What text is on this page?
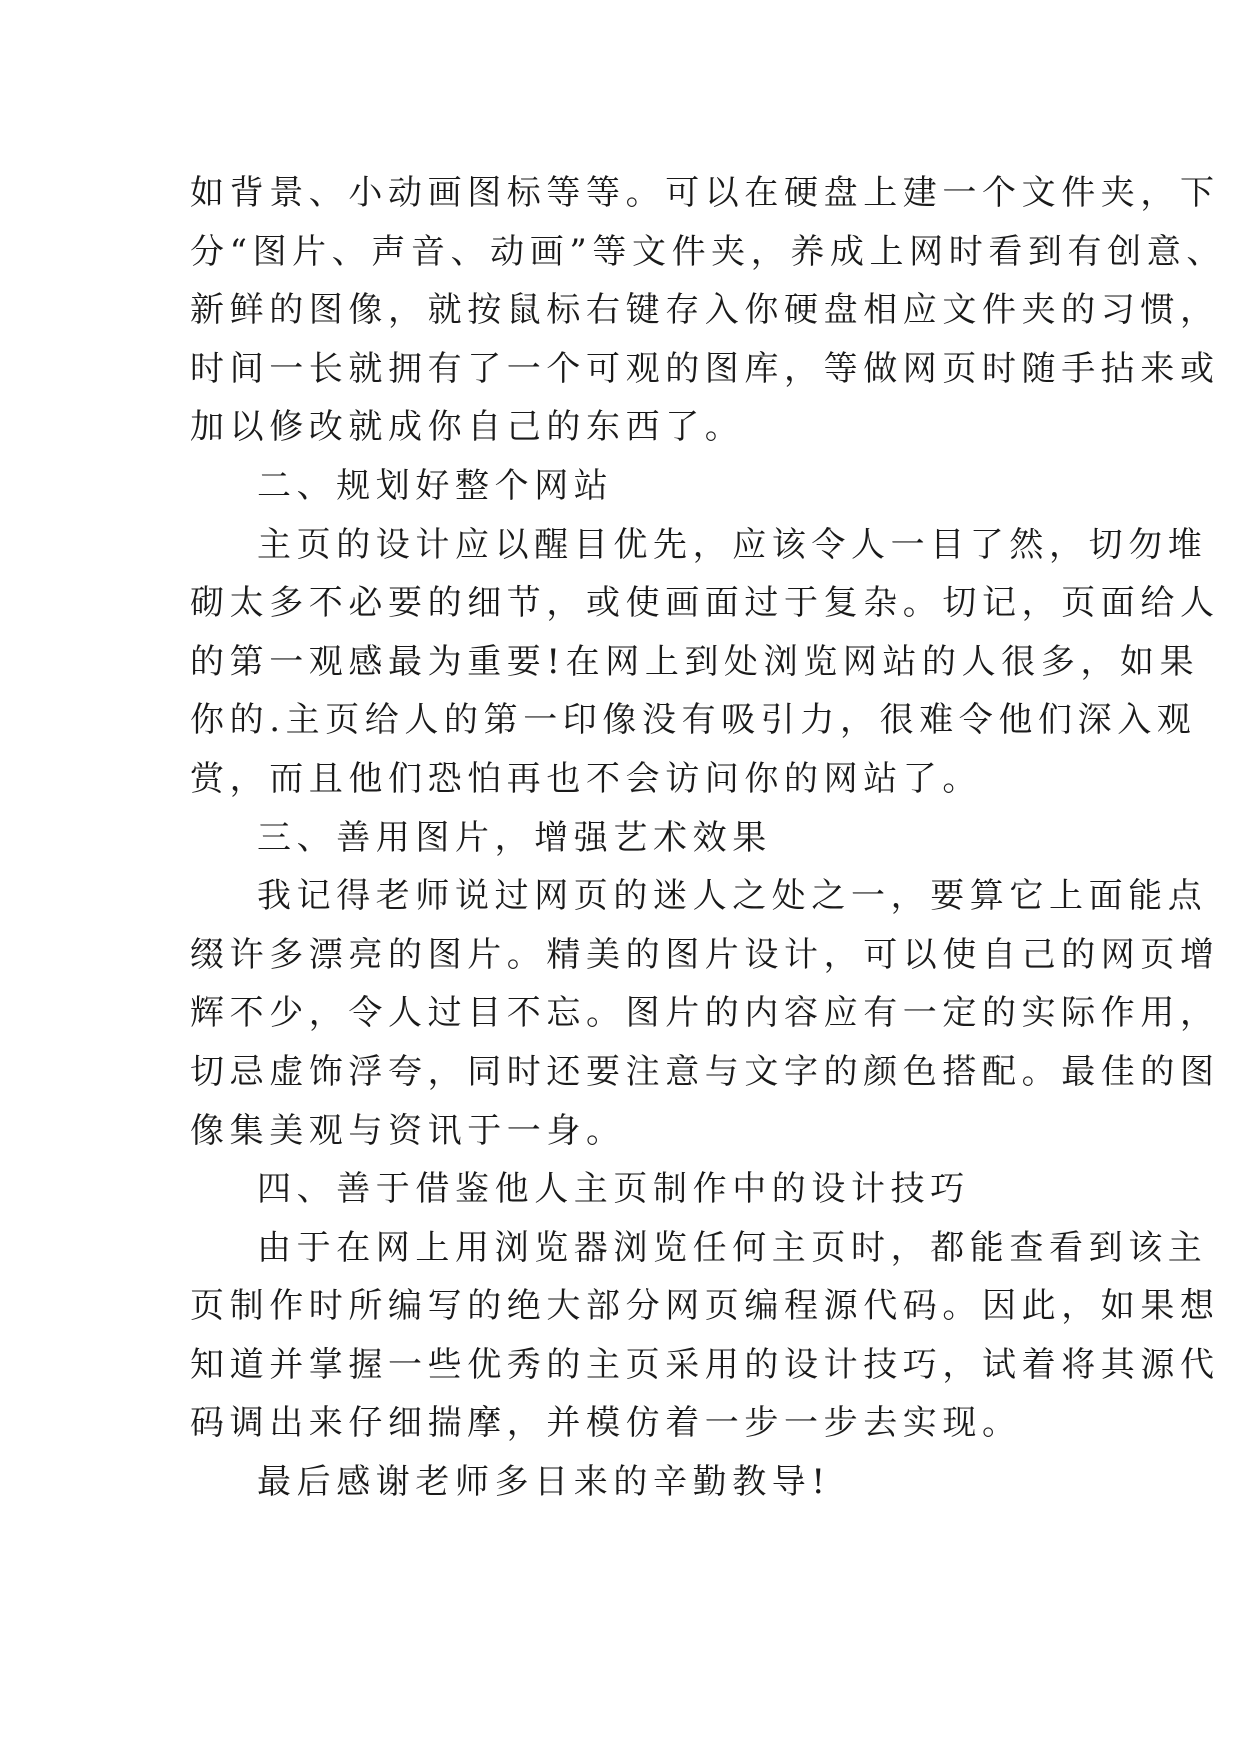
如背景、小动画图标等等。可以在硬盘上建一个文件夹，下
分“图片、声音、动画”等文件夹，养成上网时看到有创意、
新鲜的图像，就按鼠标右键存入你硬盘相应文件夹的习惯，
时间一长就拥有了一个可观的图库，等做网页时随手拈来或
加以修改就成你自己的东西了。
二、规划好整个网站
主页的设计应以醒目优先，应该令人一目了然，切勿堆
砌太多不必要的细节，或使画面过于复杂。切记，页面给人
的第一观感最为重要!在网上到处浏览网站的人很多，如果
你的.主页给人的第一印像没有吸引力，很难令他们深入观
赏，而且他们恐怕再也不会访问你的网站了。
三、善用图片，增强艺术效果
我记得老师说过网页的迷人之处之一，要算它上面能点
缀许多漂亮的图片。精美的图片设计，可以使自己的网页增
辉不少，令人过目不忘。图片的内容应有一定的实际作用，
切忌虚饰浮夸，同时还要注意与文字的颜色搭配。最佳的图
像集美观与资讯于一身。
四、善于借鉴他人主页制作中的设计技巧
由于在网上用浏览器浏览任何主页时，都能查看到该主
页制作时所编写的绝大部分网页编程源代码。因此，如果想
知道并掌握一些优秀的主页采用的设计技巧，试着将其源代
码调出来仔细揣摩，并模仿着一步一步去实现。
最后感谢老师多日来的辛勤教导!
